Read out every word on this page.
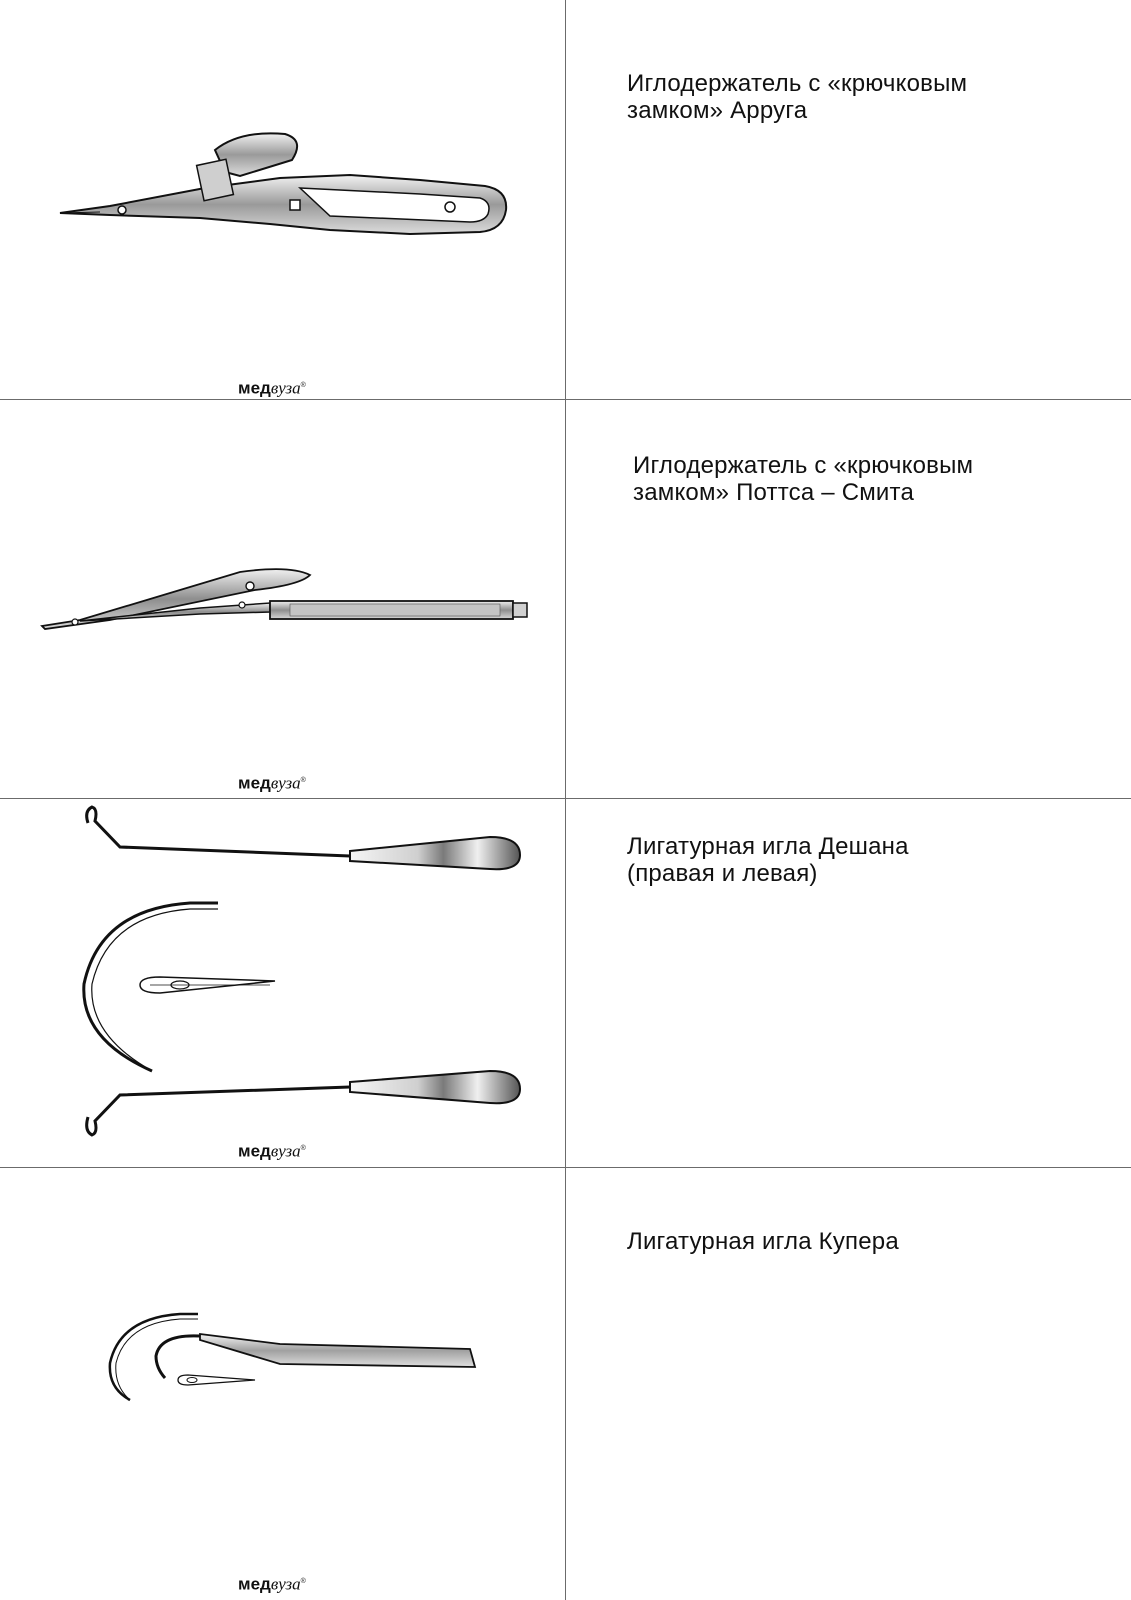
Иглодержатель с «крючковым
замком» Арруга
медвуза®
Иглодержатель с «крючковым
замком» Поттса – Смита
медвуза®
Лигатурная игла Дешана
(правая и левая)
медвуза®
Лигатурная игла Купера
медвуза®
